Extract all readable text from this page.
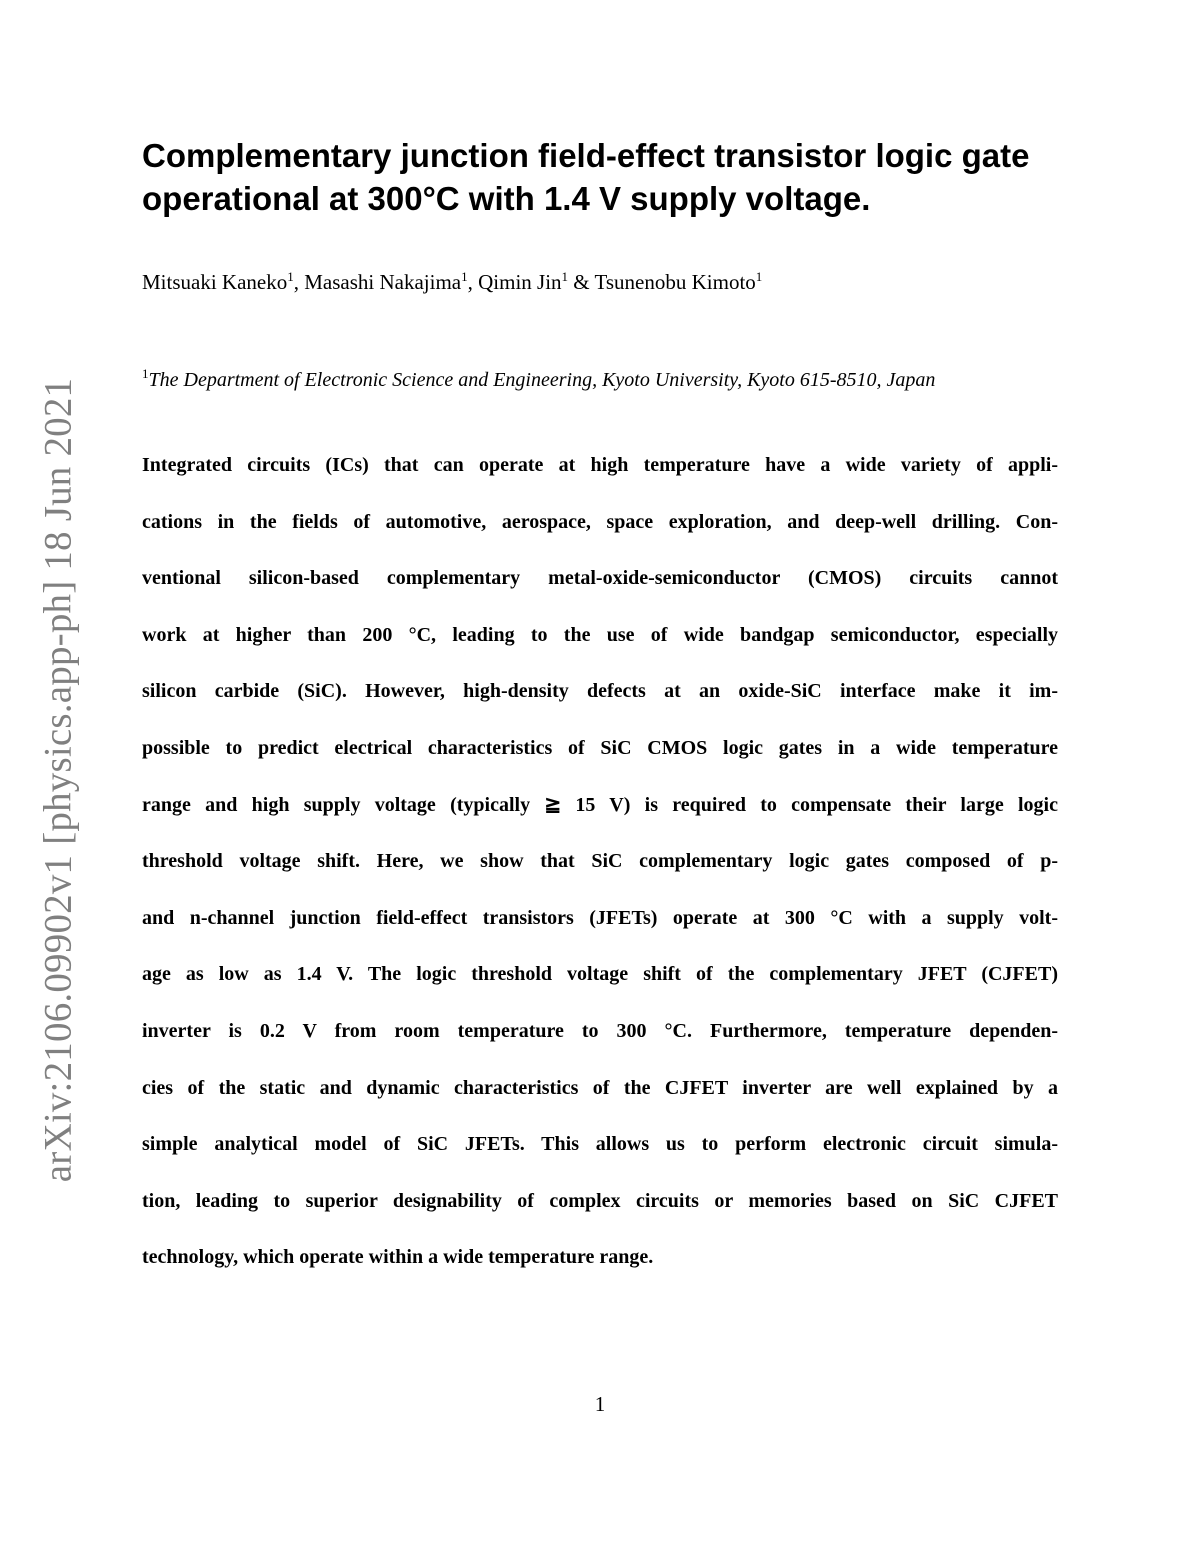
arXiv:2106.09902v1 [physics.app-ph] 18 Jun 2021
Complementary junction field-effect transistor logic gate
operational at 300°C with 1.4 V supply voltage.
Mitsuaki Kaneko$^1$, Masashi Nakajima$^1$, Qimin Jin$^1$ & Tsunenobu Kimoto$^1$
$^1$The Department of Electronic Science and Engineering, Kyoto University, Kyoto 615-8510, Japan
Integrated circuits (ICs) that can operate at high temperature have a wide variety of appli-
cations in the fields of automotive, aerospace, space exploration, and deep-well drilling. Con-
ventional silicon-based complementary metal-oxide-semiconductor (CMOS) circuits cannot
work at higher than 200 °C, leading to the use of wide bandgap semiconductor, especially
silicon carbide (SiC). However, high-density defects at an oxide-SiC interface make it im-
possible to predict electrical characteristics of SiC CMOS logic gates in a wide temperature
range and high supply voltage (typically ≧ 15 V) is required to compensate their large logic
threshold voltage shift. Here, we show that SiC complementary logic gates composed of p-
and n-channel junction field-effect transistors (JFETs) operate at 300 °C with a supply volt-
age as low as 1.4 V. The logic threshold voltage shift of the complementary JFET (CJFET)
inverter is 0.2 V from room temperature to 300 °C. Furthermore, temperature dependen-
cies of the static and dynamic characteristics of the CJFET inverter are well explained by a
simple analytical model of SiC JFETs. This allows us to perform electronic circuit simula-
tion, leading to superior designability of complex circuits or memories based on SiC CJFET
technology, which operate within a wide temperature range.
1
